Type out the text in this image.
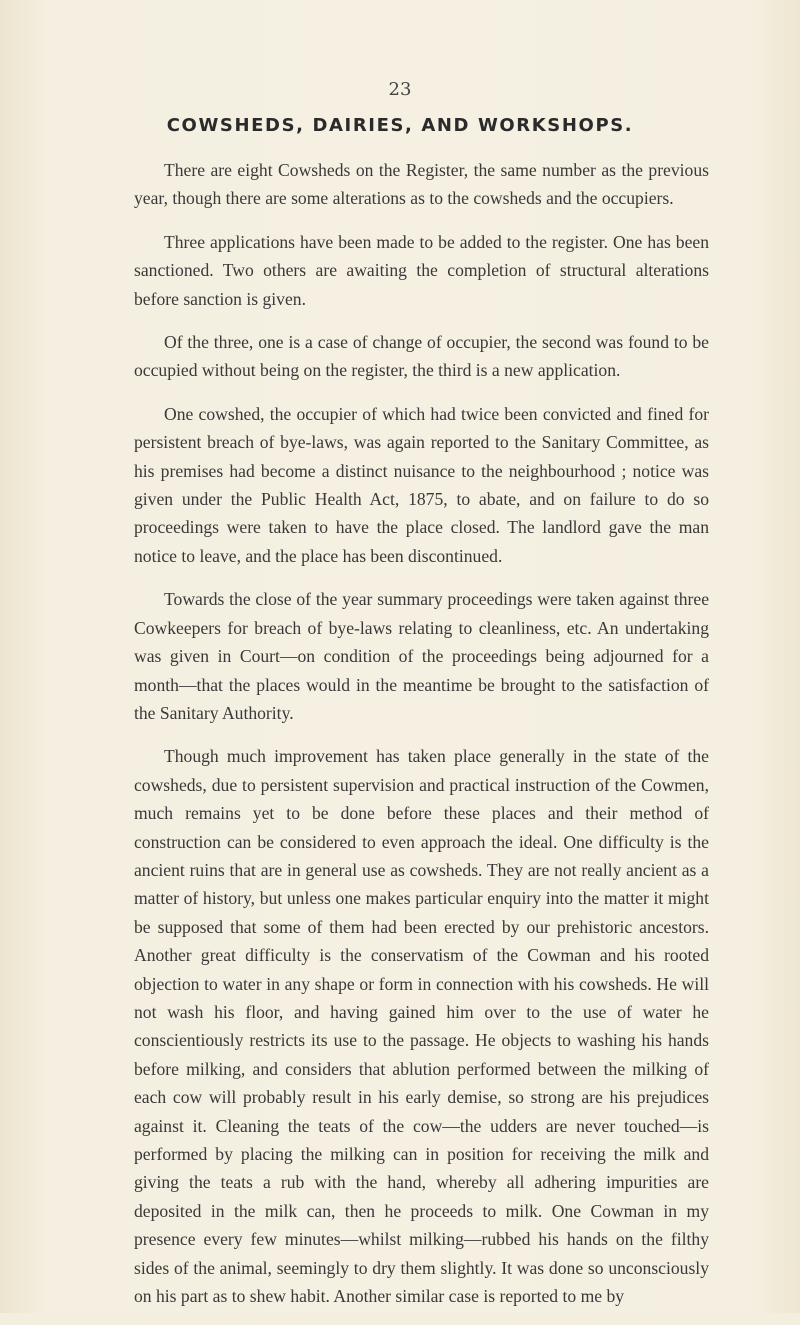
23
COWSHEDS, DAIRIES, AND WORKSHOPS.

There are eight Cowsheds on the Register, the same number as the previous year, though there are some alterations as to the cowsheds and the occupiers.

Three applications have been made to be added to the register. One has been sanctioned. Two others are awaiting the completion of structural alterations before sanction is given.

Of the three, one is a case of change of occupier, the second was found to be occupied without being on the register, the third is a new application.

One cowshed, the occupier of which had twice been convicted and fined for persistent breach of bye-laws, was again reported to the Sanitary Committee, as his premises had become a distinct nuisance to the neighbourhood ; notice was given under the Public Health Act, 1875, to abate, and on failure to do so proceedings were taken to have the place closed. The landlord gave the man notice to leave, and the place has been discontinued.

Towards the close of the year summary proceedings were taken against three Cowkeepers for breach of bye-laws relating to cleanliness, etc. An undertaking was given in Court—on condition of the proceedings being adjourned for a month—that the places would in the meantime be brought to the satisfaction of the Sanitary Authority.

Though much improvement has taken place generally in the state of the cowsheds, due to persistent supervision and practical instruction of the Cowmen, much remains yet to be done before these places and their method of construction can be considered to even approach the ideal. One difficulty is the ancient ruins that are in general use as cowsheds. They are not really ancient as a matter of history, but unless one makes particular enquiry into the matter it might be supposed that some of them had been erected by our prehistoric ancestors. Another great difficulty is the conservatism of the Cowman and his rooted objection to water in any shape or form in connection with his cowsheds. He will not wash his floor, and having gained him over to the use of water he conscientiously restricts its use to the passage. He objects to washing his hands before milking, and considers that ablution performed between the milking of each cow will probably result in his early demise, so strong are his prejudices against it. Cleaning the teats of the cow—the udders are never touched—is performed by placing the milking can in position for receiving the milk and giving the teats a rub with the hand, whereby all adhering impurities are deposited in the milk can, then he proceeds to milk. One Cowman in my presence every few minutes—whilst milking—rubbed his hands on the filthy sides of the animal, seemingly to dry them slightly. It was done so unconsciously on his part as to shew habit. Another similar case is reported to me by
